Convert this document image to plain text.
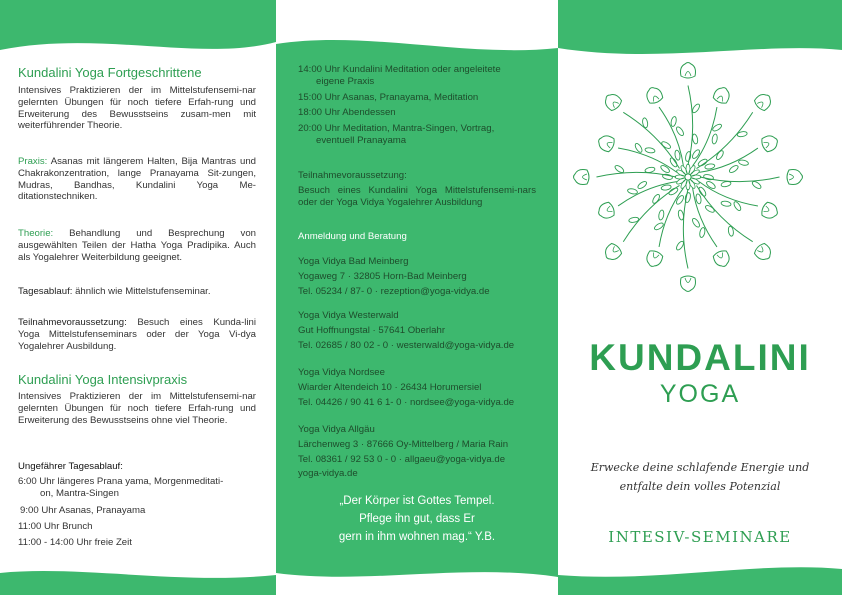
Kundalini Yoga Fortgeschrittene
Intensives Praktizieren der im Mittelstufensemi-nar gelernten Übungen für noch tiefere Erfah-rung und Erweiterung des Bewusstseins zusam-men mit weiterführender Theorie.
Praxis: Asanas mit längerem Halten, Bija Mantras und Chakrakonzentration, lange Pranayama Sit-zungen, Mudras, Bandhas, Kundalini Yoga Me-ditationstechniken.
Theorie: Behandlung und Besprechung von ausgewählten Teilen der Hatha Yoga Pradipika. Auch als Yogalehrer Weiterbildung geeignet.
Tagesablauf: ähnlich wie Mittelstufenseminar.
Teilnahmevoraussetzung: Besuch eines Kunda-lini Yoga Mittelstufenseminars oder der Yoga Vi-dya Yogalehrer Ausbildung.
Kundalini Yoga Intensivpraxis
Intensives Praktizieren der im Mittelstufensemi-nar gelernten Übungen für noch tiefere Erfah-rung und Erweiterung des Bewusstseins ohne viel Theorie.
Ungefährer Tagesablauf:
6:00 Uhr längeres Prana yama, Morgenmeditati-
on, Mantra-Singen
9:00 Uhr Asanas, Pranayama
11:00 Uhr Brunch
11:00 - 14:00 Uhr freie Zeit
14:00 Uhr Kundalini Meditation oder angeleitete

eigene Praxis
15:00 Uhr Asanas, Pranayama, Meditation
18:00 Uhr Abendessen
20:00 Uhr Meditation, Mantra-Singen, Vortrag,
eventuell Pranayama
Teilnahmevoraussetzung:
Besuch eines Kundalini Yoga Mittelstufensemi-nars oder der Yoga Vidya Yogalehrer Ausbildung
Anmeldung und Beratung
Yoga Vidya Bad Meinberg
Yogaweg 7 · 32805 Horn-Bad Meinberg
Tel. 05234 / 87- 0 · rezeption@yoga-vidya.de
Yoga Vidya Westerwald
Gut Hoffnungstal · 57641 Oberlahr
Tel. 02685 / 80 02 - 0 · westerwald@yoga-vidya.de
Yoga Vidya Nordsee
Wiarder Altendeich 10 · 26434 Horumersiel
Tel. 04426 / 90 41 6 1- 0 · nordsee@yoga-vidya.de
Yoga Vidya Allgäu
Lärchenweg 3 · 87666 Oy-Mittelberg / Maria Rain
Tel. 08361 / 92 53 0 - 0 · allgaeu@yoga-vidya.de
yoga-vidya.de
„Der Körper ist Gottes Tempel.
Pflege ihn gut, dass Er
gern in ihm wohnen mag.“ Y.B.
KUNDALINI
YOGA
Erwecke deine schlafende Energie und
entfalte dein volles Potenzial
INTESIV-SEMINARE
